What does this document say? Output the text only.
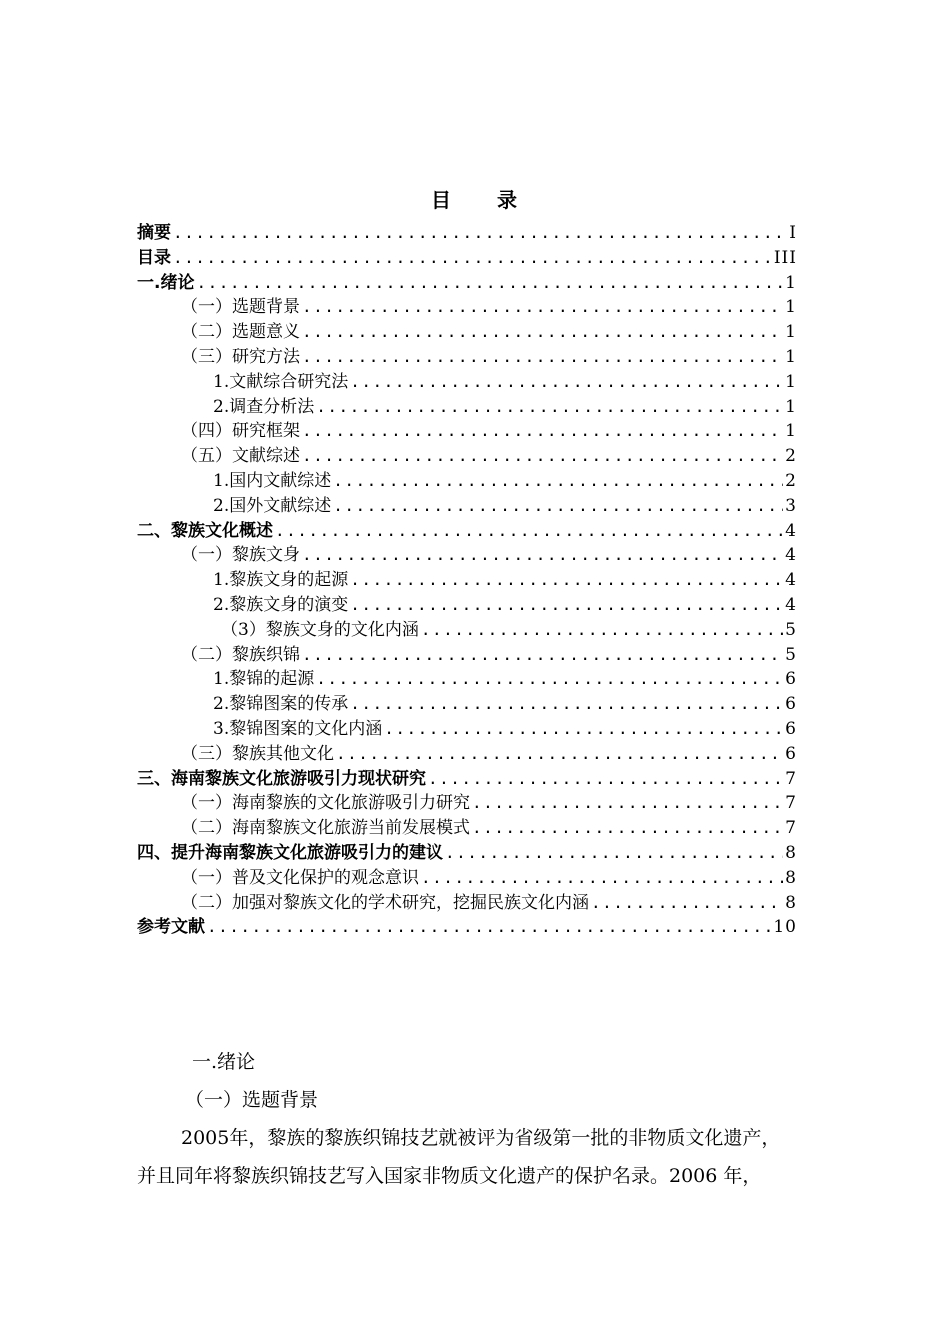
目　　录
摘要 .....	I
目录 .....	III
一.绪论 .....	1
（一）选题背景 .....	1
（二）选题意义 .....	1
（三）研究方法 .....	1
1.文献综合研究法 .....	1
2.调查分析法 .....	1
（四）研究框架 .....	1
（五）文献综述 .....	2
1.国内文献综述 .....	2
2.国外文献综述 .....	3
二、黎族文化概述 .....	4
（一）黎族文身 .....	4
1.黎族文身的起源 .....	4
2.黎族文身的演变 .....	4
（3）黎族文身的文化内涵 .....	5
（二）黎族织锦 .....	5
1.黎锦的起源 .....	6
2.黎锦图案的传承 .....	6
3.黎锦图案的文化内涵 .....	6
（三）黎族其他文化 .....	6
三、海南黎族文化旅游吸引力现状研究 .....	7
（一）海南黎族的文化旅游吸引力研究 .....	7
（二）海南黎族文化旅游当前发展模式 .....	7
四、提升海南黎族文化旅游吸引力的建议 .....	8
（一）普及文化保护的观念意识 .....	8
（二）加强对黎族文化的学术研究，挖掘民族文化内涵 .....	8
参考文献 .....	10
一.绪论
（一）选题背景
2005年，黎族的黎族织锦技艺就被评为省级第一批的非物质文化遗产，
并且同年将黎族织锦技艺写入国家非物质文化遗产的保护名录。2006 年，
